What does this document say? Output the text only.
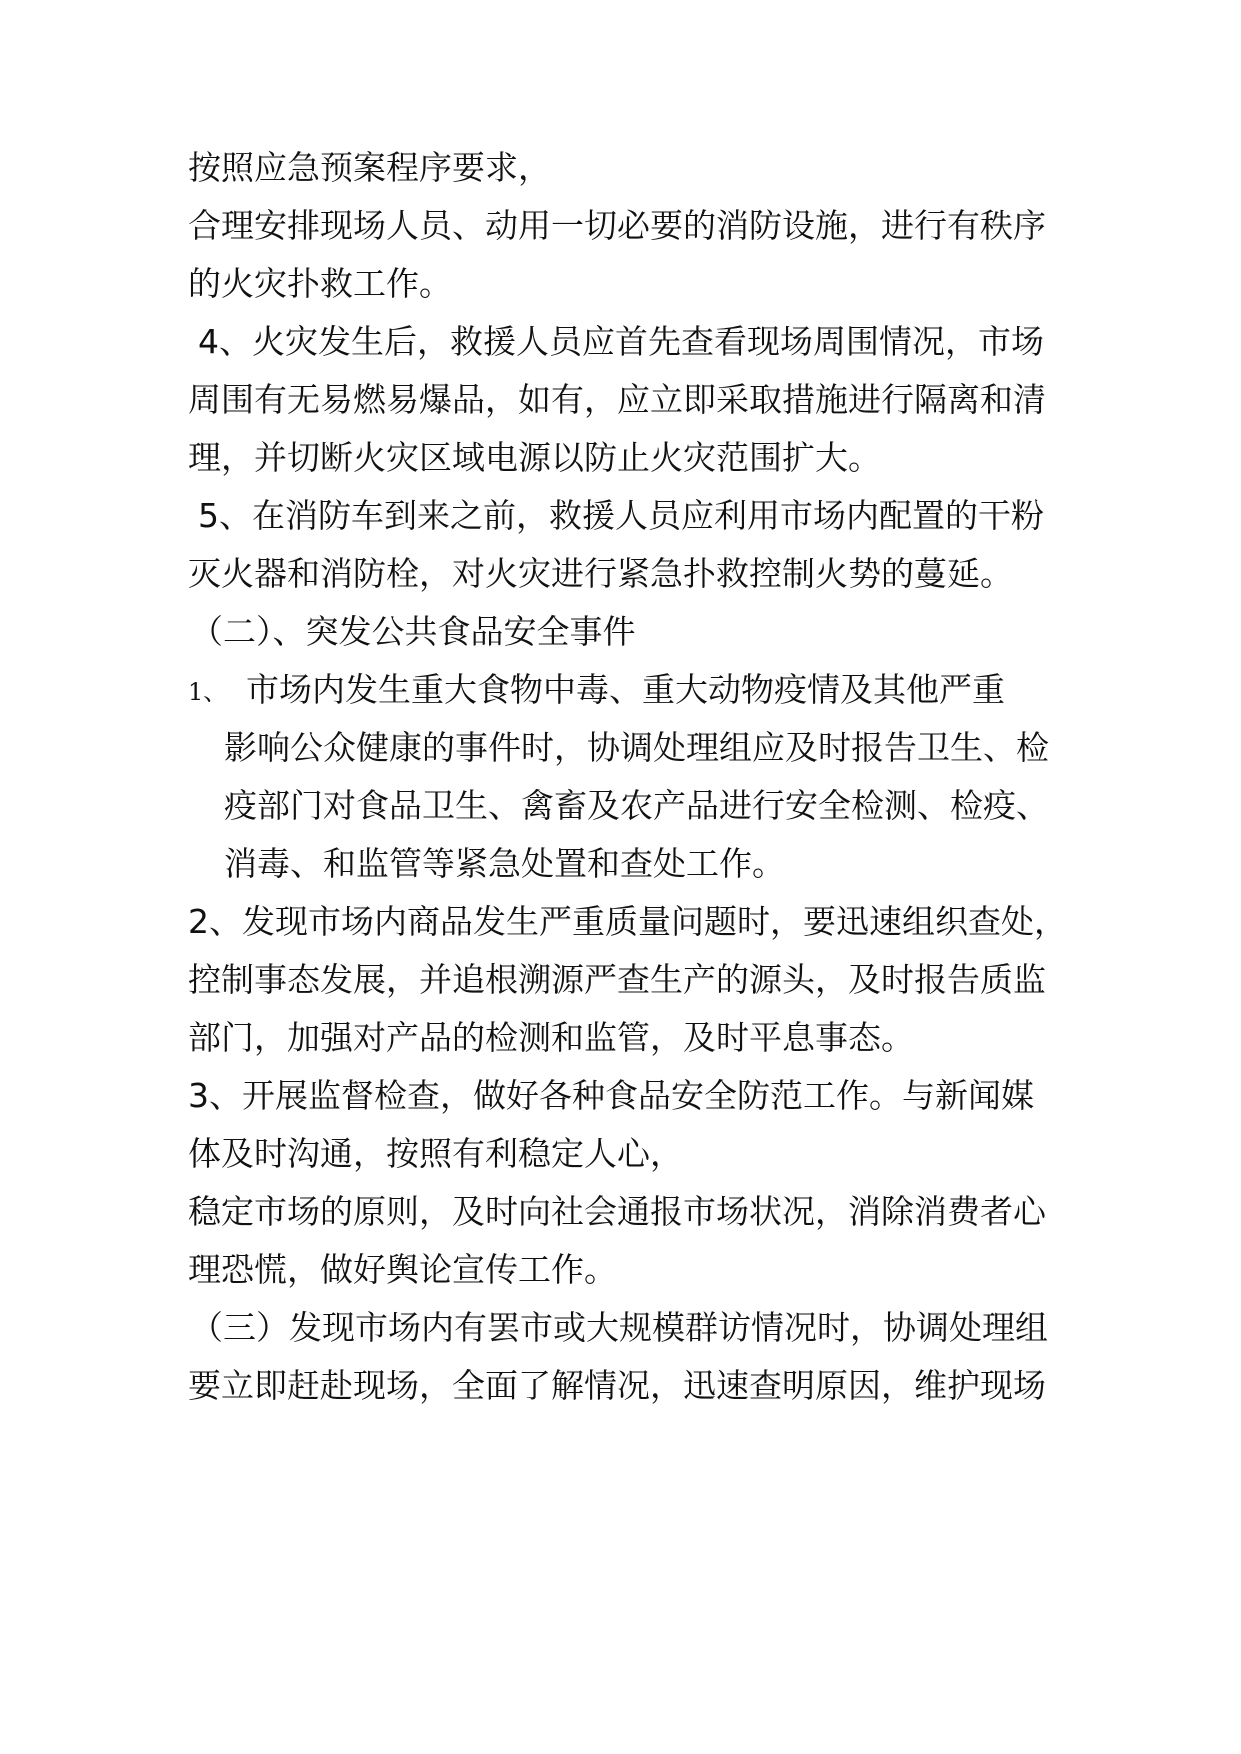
按照应急预案程序要求，
合理安排现场人员、动用一切必要的消防设施，进行有秩序
的火灾扑救工作。
4、火灾发生后，救援人员应首先查看现场周围情况，市场
周围有无易燃易爆品，如有，应立即采取措施进行隔离和清
理，并切断火灾区域电源以防止火灾范围扩大。
5、在消防车到来之前，救援人员应利用市场内配置的干粉
灭火器和消防栓，对火灾进行紧急扑救控制火势的蔓延。
（二）、突发公共食品安全事件
1、 市场内发生重大食物中毒、重大动物疫情及其他严重
影响公众健康的事件时，协调处理组应及时报告卫生、检
疫部门对食品卫生、禽畜及农产品进行安全检测、检疫、
消毒、和监管等紧急处置和查处工作。
2、发现市场内商品发生严重质量问题时，要迅速组织查处，
控制事态发展，并追根溯源严查生产的源头，及时报告质监
部门，加强对产品的检测和监管，及时平息事态。
3、开展监督检查，做好各种食品安全防范工作。与新闻媒
体及时沟通，按照有利稳定人心，
稳定市场的原则，及时向社会通报市场状况，消除消费者心
理恐慌，做好舆论宣传工作。
（三）发现市场内有罢市或大规模群访情况时，协调处理组
要立即赶赴现场，全面了解情况，迅速查明原因，维护现场
